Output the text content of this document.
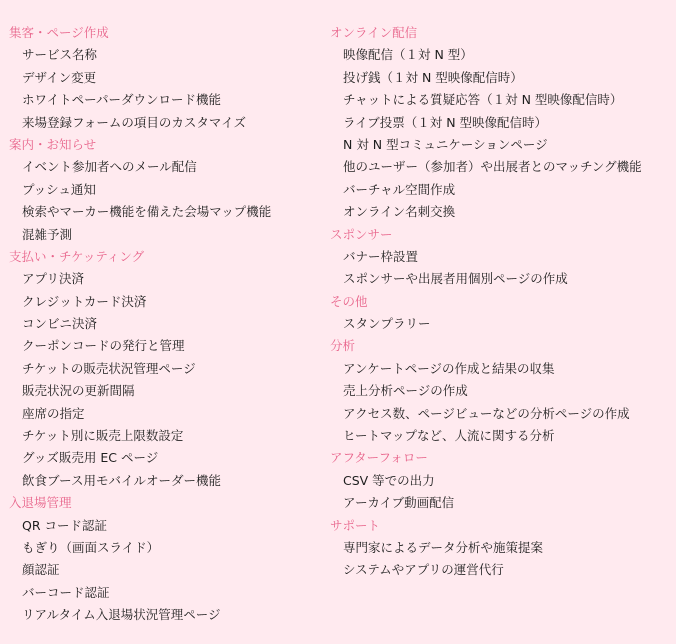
集客・ページ作成
サービス名称
デザイン変更
ホワイトペーパーダウンロード機能
来場登録フォームの項目のカスタマイズ
案内・お知らせ
イベント参加者へのメール配信
プッシュ通知
検索やマーカー機能を備えた会場マップ機能
混雑予測
支払い・チケッティング
アプリ決済
クレジットカード決済
コンビニ決済
クーポンコードの発行と管理
チケットの販売状況管理ページ
販売状況の更新間隔
座席の指定
チケット別に販売上限数設定
グッズ販売用 EC ページ
飲食ブース用モバイルオーダー機能
入退場管理
QR コード認証
もぎり（画面スライド）
顔認証
バーコード認証
リアルタイム入退場状況管理ページ
オンライン配信
映像配信（１対 N 型）
投げ銭（１対 N 型映像配信時）
チャットによる質疑応答（１対 N 型映像配信時）
ライブ投票（１対 N 型映像配信時）
N 対 N 型コミュニケーションページ
他のユーザー（参加者）や出展者とのマッチング機能
バーチャル空間作成
オンライン名刺交換
スポンサー
バナー枠設置
スポンサーや出展者用個別ページの作成
その他
スタンプラリー
分析
アンケートページの作成と結果の収集
売上分析ページの作成
アクセス数、ページビューなどの分析ページの作成
ヒートマップなど、人流に関する分析
アフターフォロー
CSV 等での出力
アーカイブ動画配信
サポート
専門家によるデータ分析や施策提案
システムやアプリの運営代行
